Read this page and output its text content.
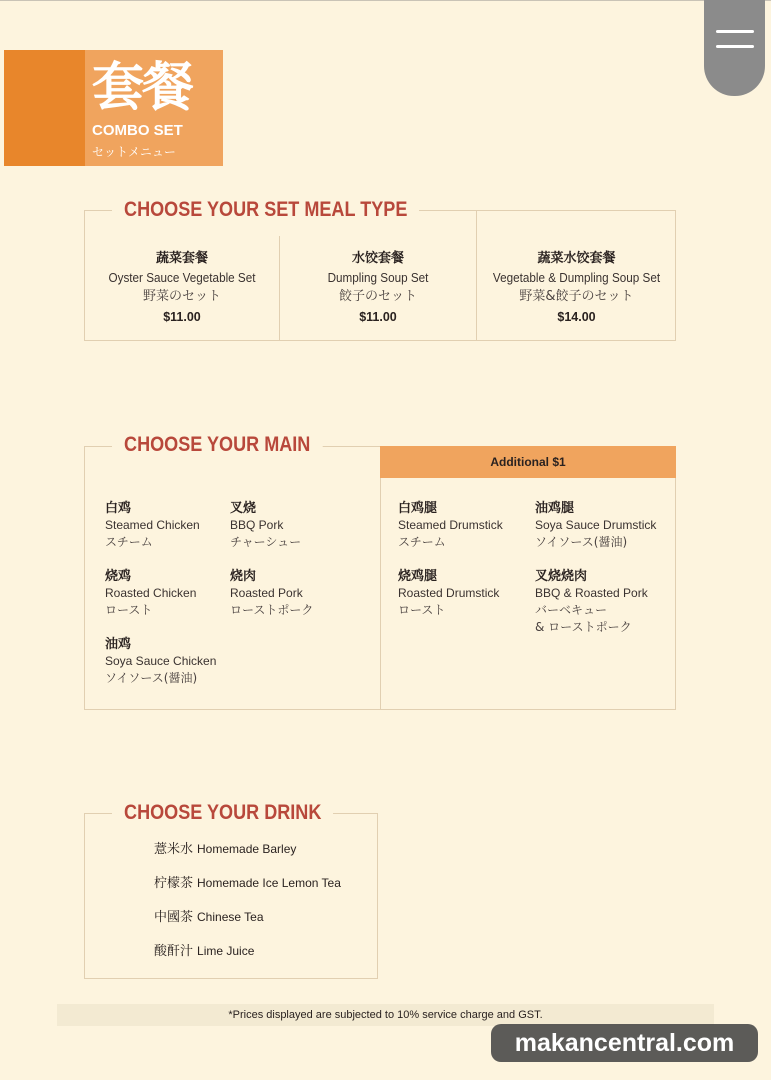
套餐
COMBO SET
セットメニュー
CHOOSE YOUR SET MEAL TYPE
蔬菜套餐
Oyster Sauce Vegetable Set
野菜のセット
$11.00
水饺套餐
Dumpling Soup Set
餃子のセット
$11.00
蔬菜水饺套餐
Vegetable & Dumpling Soup Set
野菜&餃子のセット
$14.00
CHOOSE YOUR MAIN
Additional $1
白鸡
Steamed Chicken
スチーム
叉烧
BBQ Pork
チャーシュー
烧鸡
Roasted Chicken
ロースト
烧肉
Roasted Pork
ローストポーク
油鸡
Soya Sauce Chicken
ソイソース(醤油)
白鸡腿
Steamed Drumstick
スチーム
油鸡腿
Soya Sauce Drumstick
ソイソース(醤油)
烧鸡腿
Roasted Drumstick
ロースト
叉烧烧肉
BBQ & Roasted Pork
バーベキュー
& ローストポーク
CHOOSE YOUR DRINK
薏米水 Homemade Barley
柠檬茶 Homemade Ice Lemon Tea
中國茶 Chinese Tea
酸酐汁 Lime Juice
*Prices displayed are subjected to 10% service charge and GST.
makancentral.com
